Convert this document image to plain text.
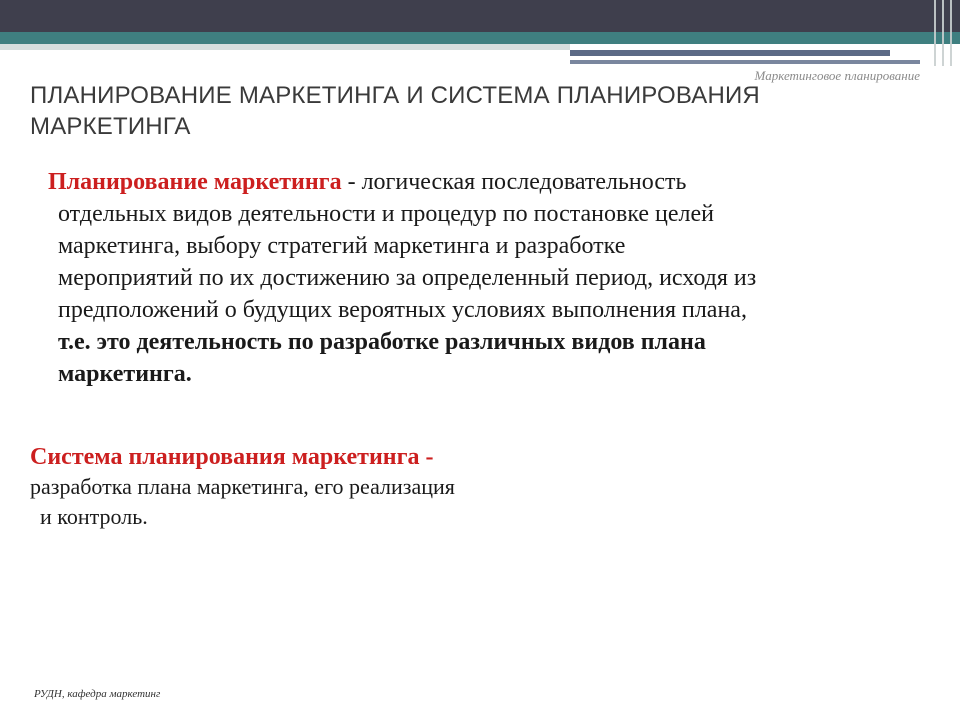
Маркетинговое планирование
ПЛАНИРОВАНИЕ МАРКЕТИНГА И СИСТЕМА ПЛАНИРОВАНИЯ
МАРКЕТИНГА
Планирование маркетинга - логическая последовательность
отдельных видов деятельности и процедур по постановке целей
маркетинга, выбору стратегий маркетинга и разработке
мероприятий по их достижению за определенный период, исходя из
предположений о будущих вероятных условиях выполнения плана,
т.е. это деятельность по разработке различных видов плана
маркетинга.
Система планирования маркетинга -
разработка плана маркетинга, его реализация
и контроль.
РУДН, кафедра маркетинг
